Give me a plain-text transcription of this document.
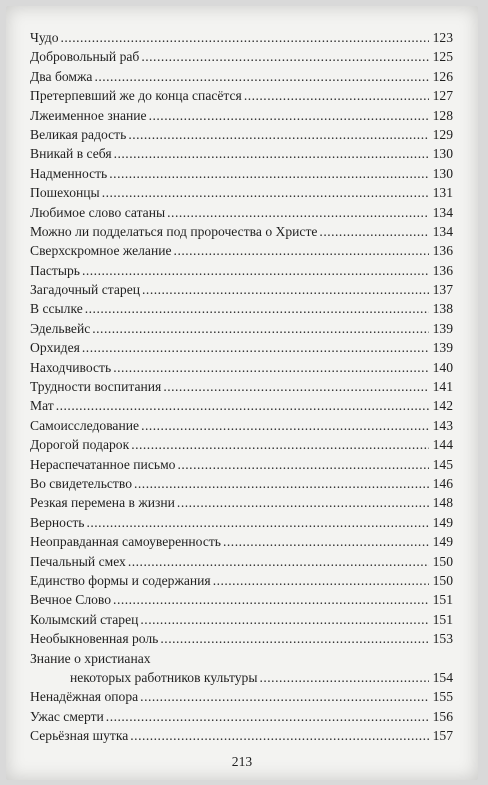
Чудо .....	123
Добровольный раб .....	125
Два бомжа .....	126
Претерпевший же до конца спасётся .....	127
Лжеименное знание .....	128
Великая радость .....	129
Вникай в себя .....	130
Надменность .....	130
Пошехонцы .....	131
Любимое слово сатаны .....	134
Можно ли подделаться под пророчества о Христе .....	134
Сверхскромное желание .....	136
Пастырь .....	136
Загадочный старец .....	137
В ссылке .....	138
Эдельвейс .....	139
Орхидея .....	139
Находчивость .....	140
Трудности воспитания .....	141
Мат .....	142
Самоисследование .....	143
Дорогой подарок .....	144
Нераспечатанное письмо .....	145
Во свидетельство .....	146
Резкая перемена в жизни .....	148
Верность .....	149
Неоправданная самоуверенность .....	149
Печальный смех .....	150
Единство формы и содержания .....	150
Вечное Слово .....	151
Колымский старец .....	151
Необыкновенная роль .....	153
Знание о христианах
некоторых работников культуры .....	154
Ненадёжная опора .....	155
Ужас смерти .....	156
Серьёзная шутка .....	157
213
